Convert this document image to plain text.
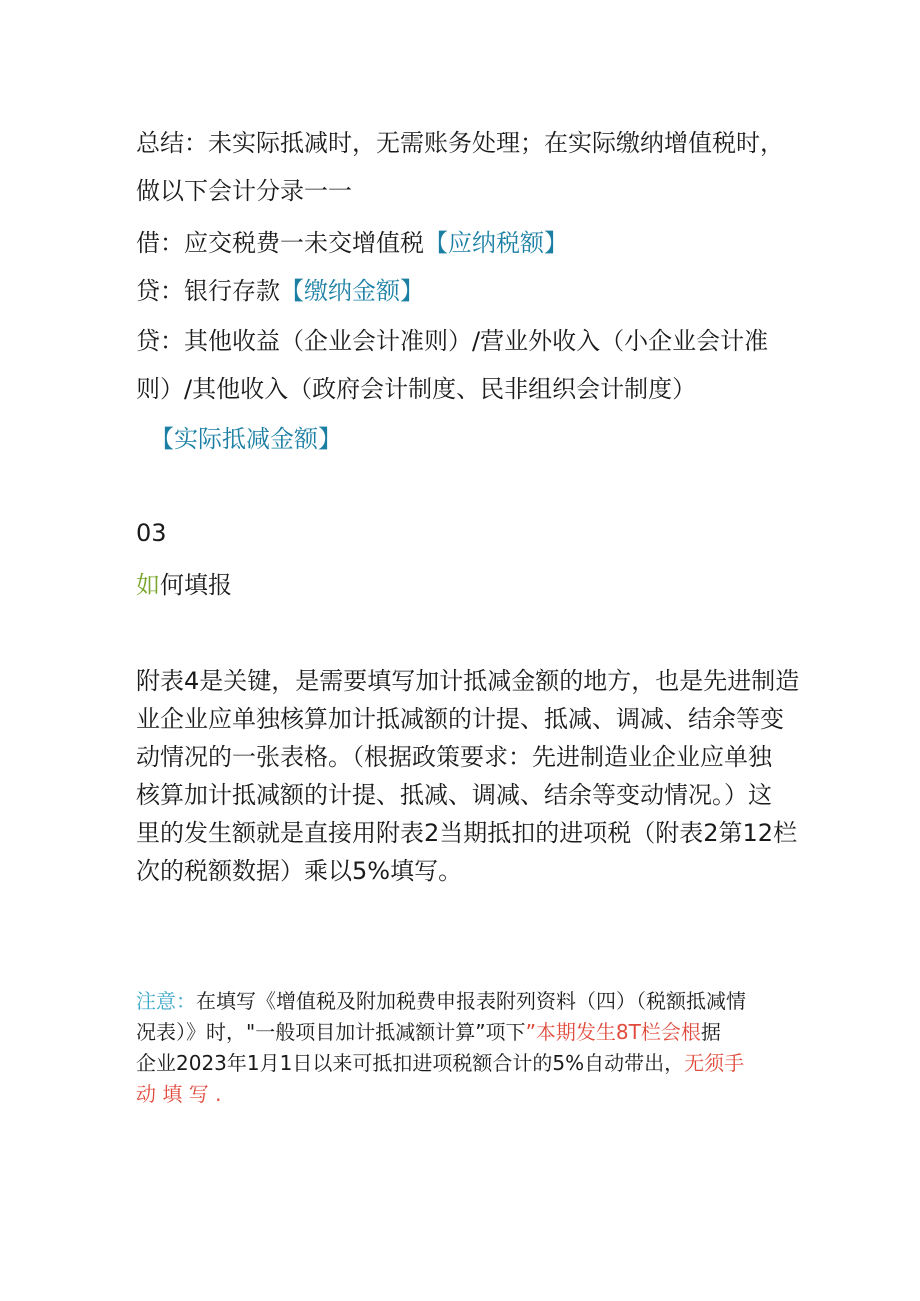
总结：未实际抵减时，无需账务处理；在实际缴纳增值税时，
做以下会计分录一一
借：应交税费一未交增值税【应纳税额】
贷：银行存款【缴纳金额】
贷：其他收益（企业会计准则）/营业外收入（小企业会计准
则）/其他收入（政府会计制度、民非组织会计制度）
【实际抵减金额】
03
如何填报
附表4是关键，是需要填写加计抵减金额的地方，也是先进制造
业企业应单独核算加计抵减额的计提、抵减、调减、结余等变
动情况的一张表格。（根据政策要求：先进制造业企业应单独
核算加计抵减额的计提、抵减、调减、结余等变动情况。）这
里的发生额就是直接用附表2当期抵扣的进项税（附表2第12栏
次的税额数据）乘以5%填写。
注意：在填写《增值税及附加税费申报表附列资料（四）（税额抵减情
况表）》时，"一般项目加计抵减额计算”项下”本期发生8T栏会根据
企业2023年1月1日以来可抵扣进项税额合计的5%自动带出，无须手
动 填 写 .
